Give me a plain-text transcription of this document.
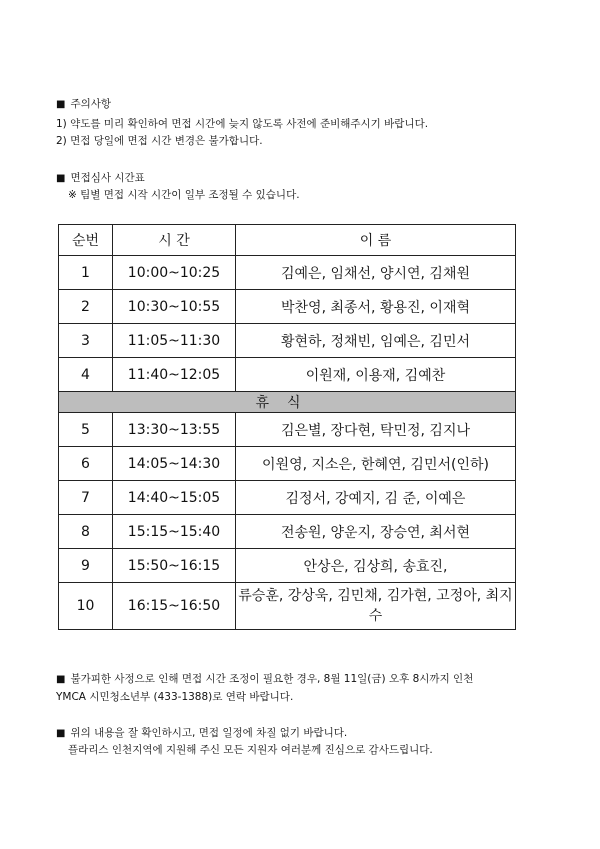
■ 주의사항
1) 약도를 미리 확인하여 면접 시간에 늦지 않도록 사전에 준비해주시기 바랍니다.
2) 면접 당일에 면접 시간 변경은 불가합니다.
■ 면접심사 시간표
※ 팀별 면접 시작 시간이 일부 조정될 수 있습니다.
순번	시 간	이 름
1	10:00~10:25	김예은, 임채선, 양시연, 김채원
2	10:30~10:55	박찬영, 최종서, 황용진, 이재혁
3	11:05~11:30	황현하, 정채빈, 임예은, 김민서
4	11:40~12:05	이원재, 이용재, 김예찬
휴식		
5	13:30~13:55	김은별, 장다현, 탁민정, 김지나
6	14:05~14:30	이원영, 지소은, 한혜연, 김민서(인하)
7	14:40~15:05	김정서, 강예지, 김 준, 이예은
8	15:15~15:40	전송원, 양운지, 장승연, 최서현
9	15:50~16:15	안상은, 김상희, 송효진,
10	16:15~16:50	류승훈, 강상욱, 김민채, 김가현, 고정아, 최지수
■ 불가피한 사정으로 인해 면접 시간 조정이 필요한 경우, 8월 11일(금) 오후 8시까지 인천
YMCA 시민청소년부 (433-1388)로 연락 바랍니다.
■ 위의 내용을 잘 확인하시고, 면접 일정에 차질 없기 바랍니다.
플라리스 인천지역에 지원해 주신 모든 지원자 여러분께 진심으로 감사드립니다.
